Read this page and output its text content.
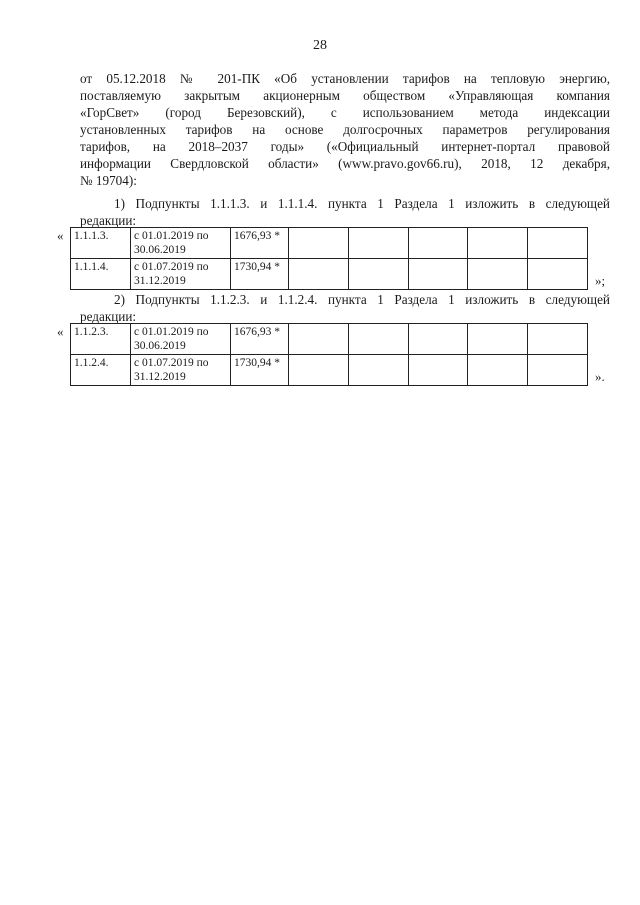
28
от 05.12.2018 № 201-ПК «Об установлении тарифов на тепловую энергию,
поставляемую закрытым акционерным обществом «Управляющая компания
«ГорСвет» (город Березовский), с использованием метода индексации
установленных тарифов на основе долгосрочных параметров регулирования
тарифов, на 2018–2037 годы» («Официальный интернет-портал правовой
информации Свердловской области» (www.pravo.gov66.ru), 2018, 12 декабря,
№ 19704):
1) Подпункты 1.1.1.3. и 1.1.1.4. пункта 1 Раздела 1 изложить в следующей
редакции:
« 1.1.1.3.	с 01.01.2019 по 30.06.2019	1676,93 *					
1.1.1.4.	с 01.07.2019 по 31.12.2019	1730,94 *					
»;
2) Подпункты 1.1.2.3. и 1.1.2.4. пункта 1 Раздела 1 изложить в следующей
редакции:
« 1.1.2.3.	с 01.01.2019 по 30.06.2019	1676,93 *					
1.1.2.4.	с 01.07.2019 по 31.12.2019	1730,94 *					
».
